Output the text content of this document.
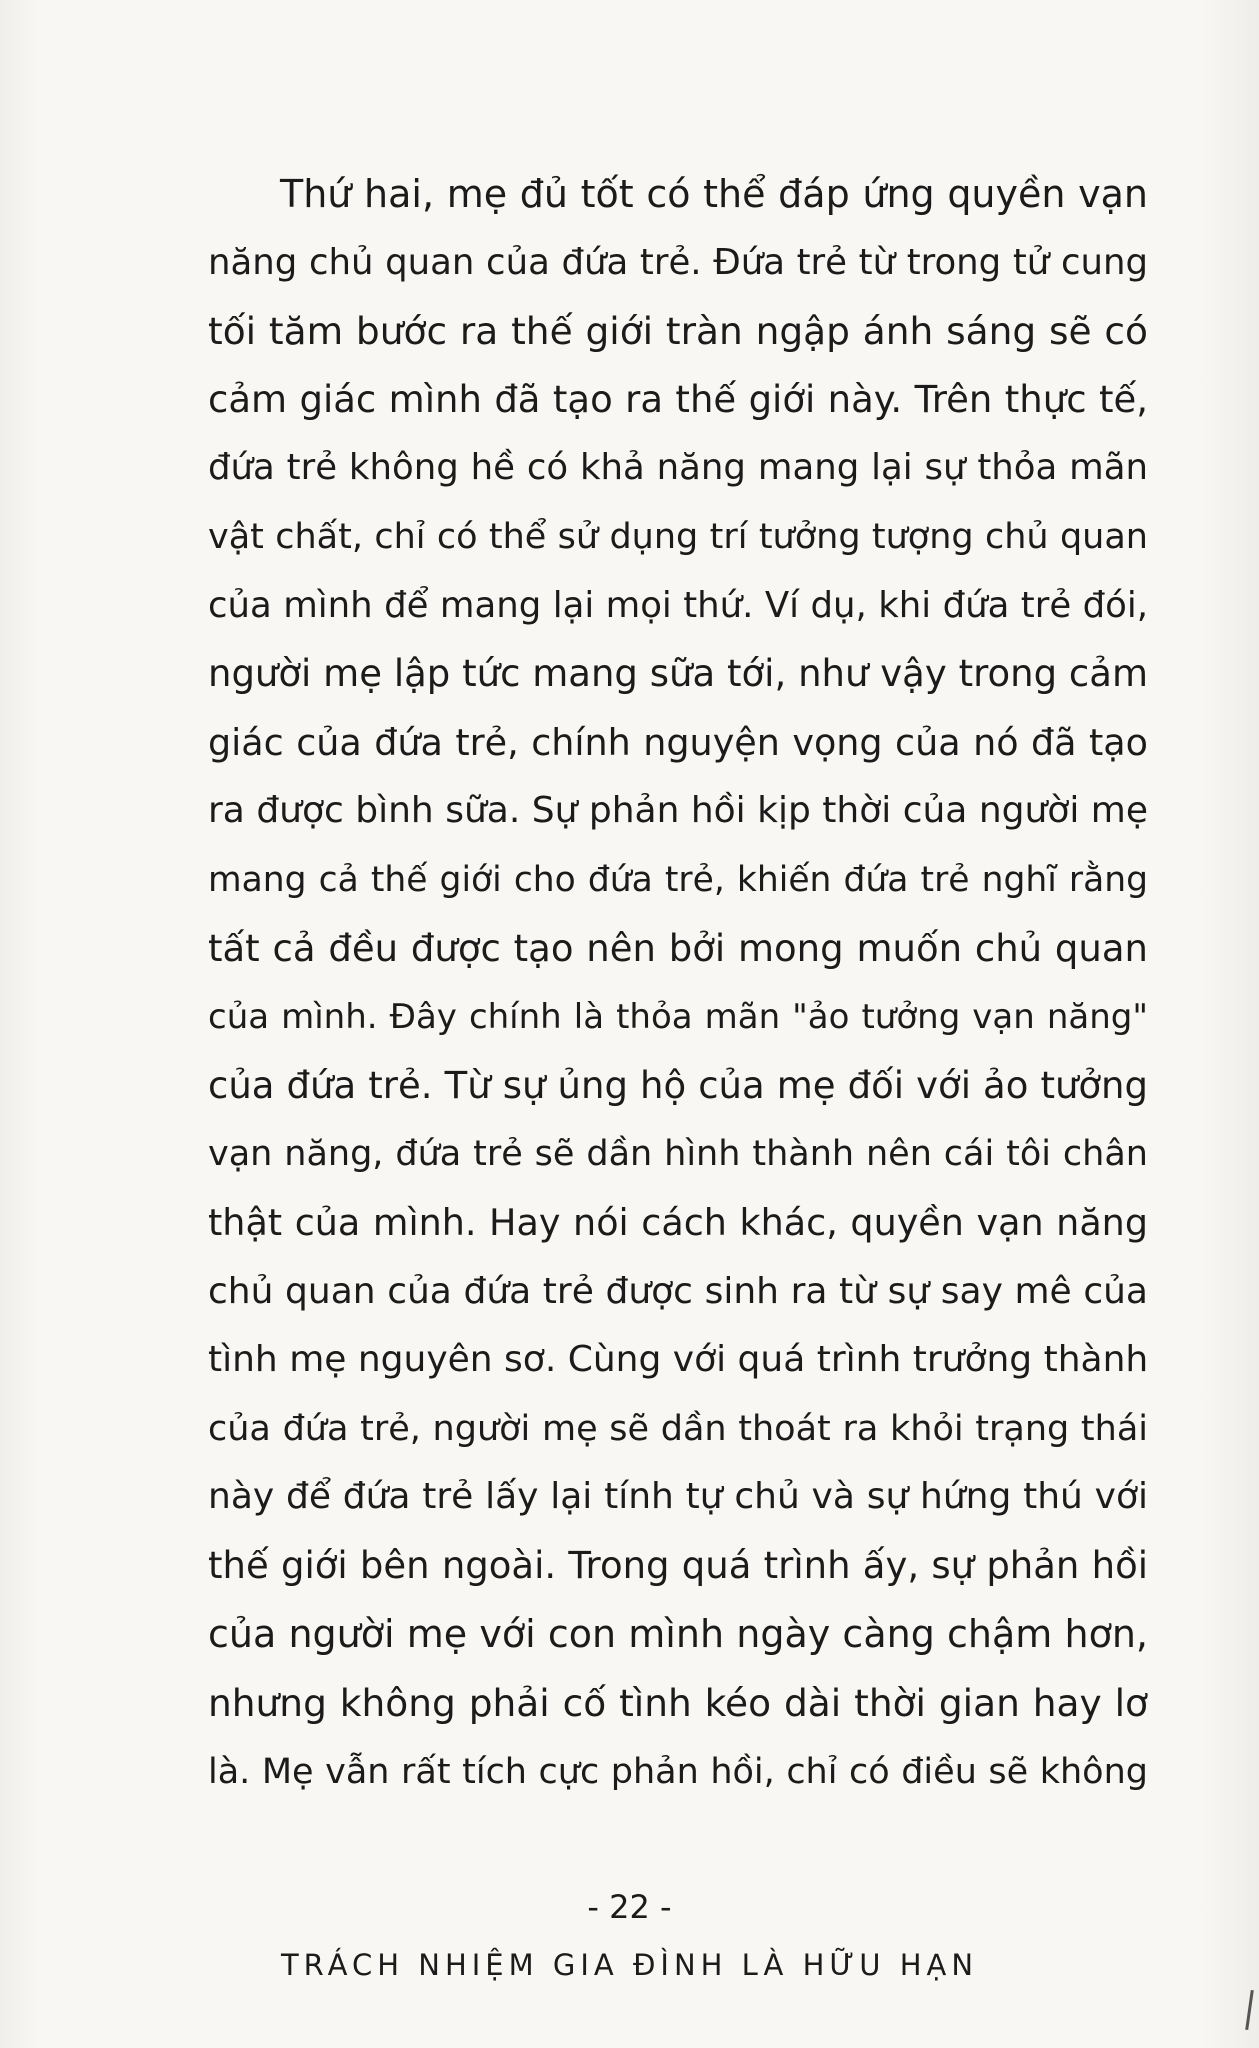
Thứ hai, mẹ đủ tốt có thể đáp ứng quyền vạn
năng chủ quan của đứa trẻ. Đứa trẻ từ trong tử cung
tối tăm bước ra thế giới tràn ngập ánh sáng sẽ có
cảm giác mình đã tạo ra thế giới này. Trên thực tế,
đứa trẻ không hề có khả năng mang lại sự thỏa mãn
vật chất, chỉ có thể sử dụng trí tưởng tượng chủ quan
của mình để mang lại mọi thứ. Ví dụ, khi đứa trẻ đói,
người mẹ lập tức mang sữa tới, như vậy trong cảm
giác của đứa trẻ, chính nguyện vọng của nó đã tạo
ra được bình sữa. Sự phản hồi kịp thời của người mẹ
mang cả thế giới cho đứa trẻ, khiến đứa trẻ nghĩ rằng
tất cả đều được tạo nên bởi mong muốn chủ quan
của mình. Đây chính là thỏa mãn "ảo tưởng vạn năng"
của đứa trẻ. Từ sự ủng hộ của mẹ đối với ảo tưởng
vạn năng, đứa trẻ sẽ dần hình thành nên cái tôi chân
thật của mình. Hay nói cách khác, quyền vạn năng
chủ quan của đứa trẻ được sinh ra từ sự say mê của
tình mẹ nguyên sơ. Cùng với quá trình trưởng thành
của đứa trẻ, người mẹ sẽ dần thoát ra khỏi trạng thái
này để đứa trẻ lấy lại tính tự chủ và sự hứng thú với
thế giới bên ngoài. Trong quá trình ấy, sự phản hồi
của người mẹ với con mình ngày càng chậm hơn,
nhưng không phải cố tình kéo dài thời gian hay lơ
là. Mẹ vẫn rất tích cực phản hồi, chỉ có điều sẽ không
- 22 -
TRÁCH NHIỆM GIA ĐÌNH LÀ HỮU HẠN
